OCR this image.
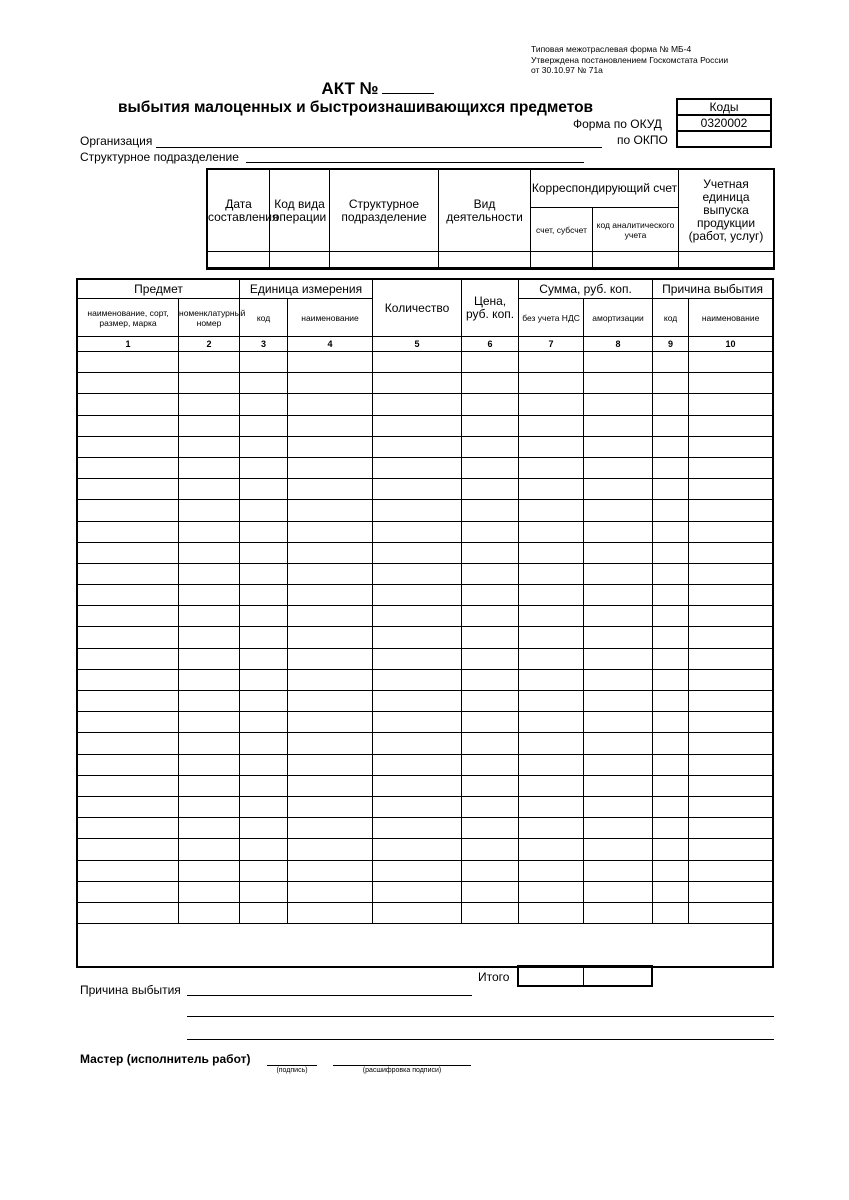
Типовая межотраслевая форма № МБ-4
Утверждена постановлением Госкомстата России
от 30.10.97 № 71а
АКТ №
выбытия малоценных и быстроизнашивающихся предметов	Коды
0320002

Форма по ОКУД
по ОКПО
Организация
Структурное подразделение
Дата составления	Код вида операции	Структурное подразделение	Вид деятельности	Корреспондирующий счет		Учетная единица выпуска продукции (работ, услуг)
				счет, субсчет	код аналитического учета	

Предмет		Единица измерения		Количество	Цена, руб. коп.	Сумма, руб. коп.		Причина выбытия	
наименование, сорт, размер, марка	номенклатурный номер	код	наименование			без учета НДС	амортизации	код	наименование
1	2	3	4	5	6	7	8	9	10

Итого

Причина выбытия
Мастер (исполнитель работ)
(подпись)	(расшифровка подписи)
